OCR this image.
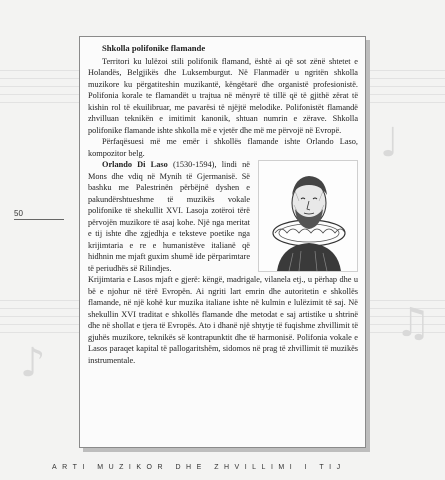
♩
♪
♫
50

Shkolla polifonike flamande

Territori ku lulëzoi stili polifonik flamand, është ai që sot zënë shtetet e Holandës, Belgjikës dhe Luksemburgut. Në Flanmadër u ngritën shkolla muzikore ku përgatiteshin muzikantë, këngëtarë dhe organistë profesionistë. Polifonia korale te flamandët u trajtua në mënyrë të tillë që të gjithë zërat të kishin rol të ekuilibruar, me pavarësi të njëjtë melodike. Polifonistët flamandë zhvilluan teknikën e imitimit kanonik, shtuan numrin e zërave. Shkolla polifonike flamande ishte shkolla më e vjetër dhe më me përvojë në Evropë.

Përfaqësuesi më me emër i shkollës flamande ishte Orlando Laso, kompozitor belg.

Orlando Di Laso (1530-1594), lindi në Mons dhe vdiq në Mynih të Gjermanisë. Së bashku me Palestrinën përbëjnë dyshen e pakundërshtueshme të muzikës vokale polifonike të shekullit XVI. Lasoja zotëroi tërë përvojën muzikore të asaj kohe. Një nga meritat e tij ishte dhe zgjedhja e teksteve poetike nga krijimtaria e re e humanistëve italianë që hidhnin me mjaft guxim shumë ide përparimtare të periudhës së Rilindjes.

Krijimtaria e Lasos mjaft e gjerë: këngë, madrigale, vilanela etj., u përhap dhe u bë e njohur në tërë Evropën. Ai ngriti lart emrin dhe autoritetin e shkollës flamande, në një kohë kur muzika italiane ishte në kulmin e lulëzimit të saj. Në shekullin XVI traditat e shkollës flamande dhe metodat e saj artistike u shtrinë dhe në shollat e tjera të Evropës. Ato i dhanë një shtytje të fuqishme zhvillimit të gjuhës muzikore, teknikës së kontrapunktit dhe të harmonisë. Polifonia vokale e Lasos paraqet kapital të pallogaritshëm, sidomos në prag të zhvillimit të muzikës instrumentale.

ARTI MUZIKOR DHE ZHVILLIMI I TIJ
